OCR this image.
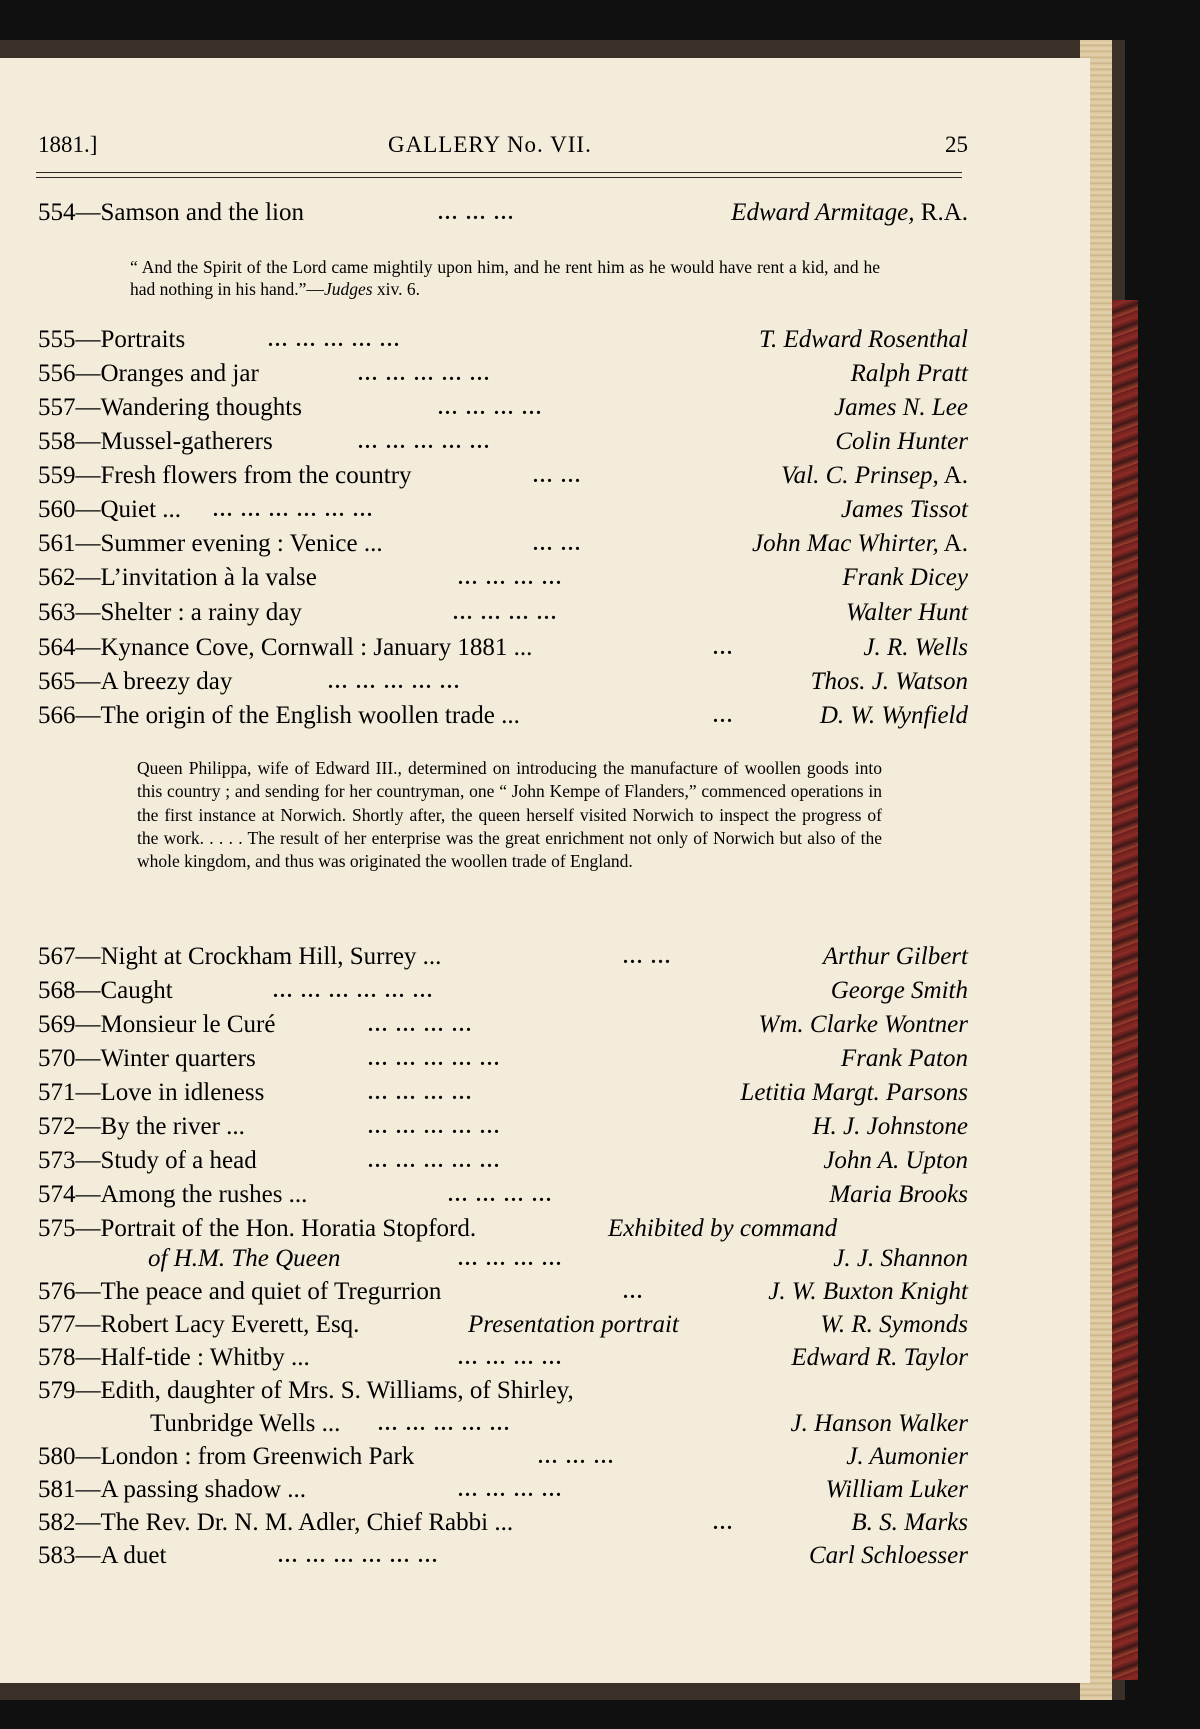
1881.]	GALLERY No. VII.	25
554—Samson and the lion	... ... ...	Edward Armitage, R.A.
“ And the Spirit of the Lord came mightily upon him, and he rent him as he would have rent a kid, and he had nothing in his hand.”—Judges xiv. 6.
555—Portraits	... ... ... ... ...	T. Edward Rosenthal
556—Oranges and jar	... ... ... ... ...	Ralph Pratt
557—Wandering thoughts	... ... ... ...	James N. Lee
558—Mussel-gatherers	... ... ... ... ...	Colin Hunter
559—Fresh flowers from the country	... ...	Val. C. Prinsep, A.
560—Quiet ... ... ... ... ... ... ...	James Tissot
561—Summer evening : Venice ...	... ...	John Mac Whirter, A.
562—L’invitation à la valse	... ... ... ...	Frank Dicey
563—Shelter : a rainy day	... ... ... ...	Walter Hunt
564—Kynance Cove, Cornwall : January 1881 ...	...	J. R. Wells
565—A breezy day	... ... ... ... ...	Thos. J. Watson
566—The origin of the English woollen trade ...	...	D. W. Wynfield
Queen Philippa, wife of Edward III., determined on introducing the manufacture of woollen goods into this country ; and sending for her countryman, one “ John Kempe of Flanders,” commenced operations in the first instance at Norwich. Shortly after, the queen herself visited Norwich to inspect the progress of the work. . . . . The result of her enterprise was the great enrichment not only of Norwich but also of the whole kingdom, and thus was originated the woollen trade of England.
567—Night at Crockham Hill, Surrey ...	... ...	Arthur Gilbert
568—Caught	... ... ... ... ... ...	George Smith
569—Monsieur le Curé	... ... ... ...	Wm. Clarke Wontner
570—Winter quarters	... ... ... ... ...	Frank Paton
571—Love in idleness	... ... ... ...	Letitia Margt. Parsons
572—By the river ...	... ... ... ... ...	H. J. Johnstone
573—Study of a head	... ... ... ... ...	John A. Upton
574—Among the rushes ...	... ... ... ...	Maria Brooks
575—Portrait of the Hon. Horatia Stopford.	Exhibited by command
of H.M. The Queen	... ... ... ...	J. J. Shannon
576—The peace and quiet of Tregurrion	...	J. W. Buxton Knight
577—Robert Lacy Everett, Esq.	Presentation portrait	W. R. Symonds
578—Half-tide : Whitby ...	... ... ... ...	Edward R. Taylor
579—Edith, daughter of Mrs. S. Williams, of Shirley,
Tunbridge Wells ... ... ... ... ... ...	J. Hanson Walker
580—London : from Greenwich Park	... ... ...	J. Aumonier
581—A passing shadow ...	... ... ... ...	William Luker
582—The Rev. Dr. N. M. Adler, Chief Rabbi ...	...	B. S. Marks
583—A duet	... ... ... ... ... ...	Carl Schloesser
